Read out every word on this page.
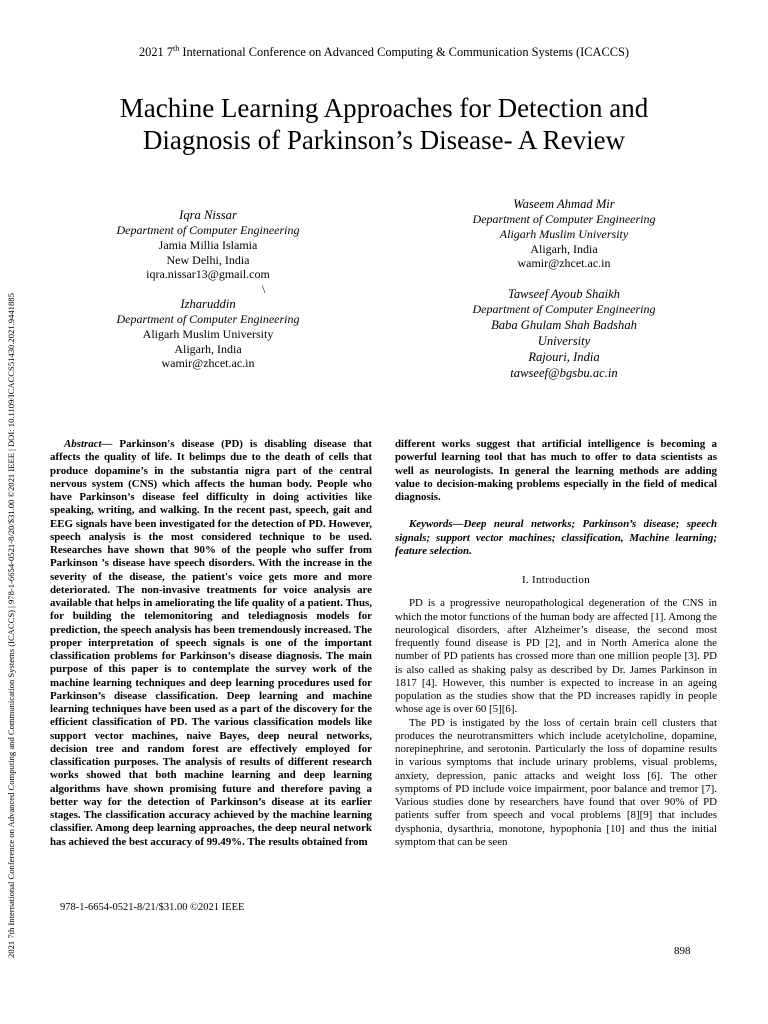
2021 7th International Conference on Advanced Computing & Communication Systems (ICACCS)
Machine Learning Approaches for Detection and
Diagnosis of Parkinson’s Disease- A Review
2021 7th International Conference on Advanced Computing and Communication Systems (ICACCS) | 978-1-6654-0521-8/20/$31.00 ©2021 IEEE | DOI: 10.1109/ICACCS51430.2021.9441885
Iqra Nissar
Department of Computer Engineering
Jamia Millia Islamia
New Delhi, India
iqra.nissar13@gmail.com
\
Izharuddin
Department of Computer Engineering
Aligarh Muslim University
Aligarh, India
wamir@zhcet.ac.in
Waseem Ahmad Mir
Department of Computer Engineering
Aligarh Muslim University
Aligarh, India
wamir@zhcet.ac.in
Tawseef Ayoub Shaikh
Department of Computer Engineering
Baba Ghulam Shah Badshah
University
Rajouri, India
tawseef@bgsbu.ac.in

Abstract— Parkinson's disease (PD) is disabling disease that affects the quality of life. It belimps due to the death of cells that produce dopamine’s in the substantia nigra part of the central nervous system (CNS) which affects the human body. People who have Parkinson’s disease feel difficulty in doing activities like speaking, writing, and walking. In the recent past, speech, gait and EEG signals have been investigated for the detection of PD. However, speech analysis is the most considered technique to be used. Researches have shown that 90% of the people who suffer from Parkinson ’s disease have speech disorders. With the increase in the severity of the disease, the patient's voice gets more and more deteriorated. The non-invasive treatments for voice analysis are available that helps in ameliorating the life quality of a patient. Thus, for building the telemonitoring and telediagnosis models for prediction, the speech analysis has been tremendously increased. The proper interpretation of speech signals is one of the important classification problems for Parkinson’s disease diagnosis. The main purpose of this paper is to contemplate the survey work of the machine learning techniques and deep learning procedures used for Parkinson’s disease classification. Deep learning and machine learning techniques have been used as a part of the discovery for the efficient classification of PD. The various classification models like support vector machines, naive Bayes, deep neural networks, decision tree and random forest are effectively employed for classification purposes. The analysis of results of different research works showed that both machine learning and deep learning algorithms have shown promising future and therefore paving a better way for the detection of Parkinson’s disease at its earlier stages. The classification accuracy achieved by the machine learning classifier. Among deep learning approaches, the deep neural network has achieved the best accuracy of 99.49%. The results obtained from

different works suggest that artificial intelligence is becoming a powerful learning tool that has much to offer to data scientists as well as neurologists. In general the learning methods are adding value to decision-making problems especially in the field of medical diagnosis.

Keywords—Deep neural networks; Parkinson’s disease; speech signals; support vector machines; classification, Machine learning; feature selection.

I. Introduction

PD is a progressive neuropathological degeneration of the CNS in which the motor functions of the human body are affected [1]. Among the neurological disorders, after Alzheimer’s disease, the second most frequently found disease is PD [2], and in North America alone the number of PD patients has crossed more than one million people [3]. PD is also called as shaking palsy as described by Dr. James Parkinson in 1817 [4]. However, this number is expected to increase in an ageing population as the studies show that the PD increases rapidly in people whose age is over 60 [5][6].

The PD is instigated by the loss of certain brain cell clusters that produces the neurotransmitters which include acetylcholine, dopamine, norepinephrine, and serotonin. Particularly the loss of dopamine results in various symptoms that include urinary problems, visual problems, anxiety, depression, panic attacks and weight loss [6]. The other symptoms of PD include voice impairment, poor balance and tremor [7]. Various studies done by researchers have found that over 90% of PD patients suffer from speech and vocal problems [8][9] that includes dysphonia, dysarthria, monotone, hypophonia [10] and thus the initial symptom that can be seen

978-1-6654-0521-8/21/$31.00 ©2021 IEEE
898
